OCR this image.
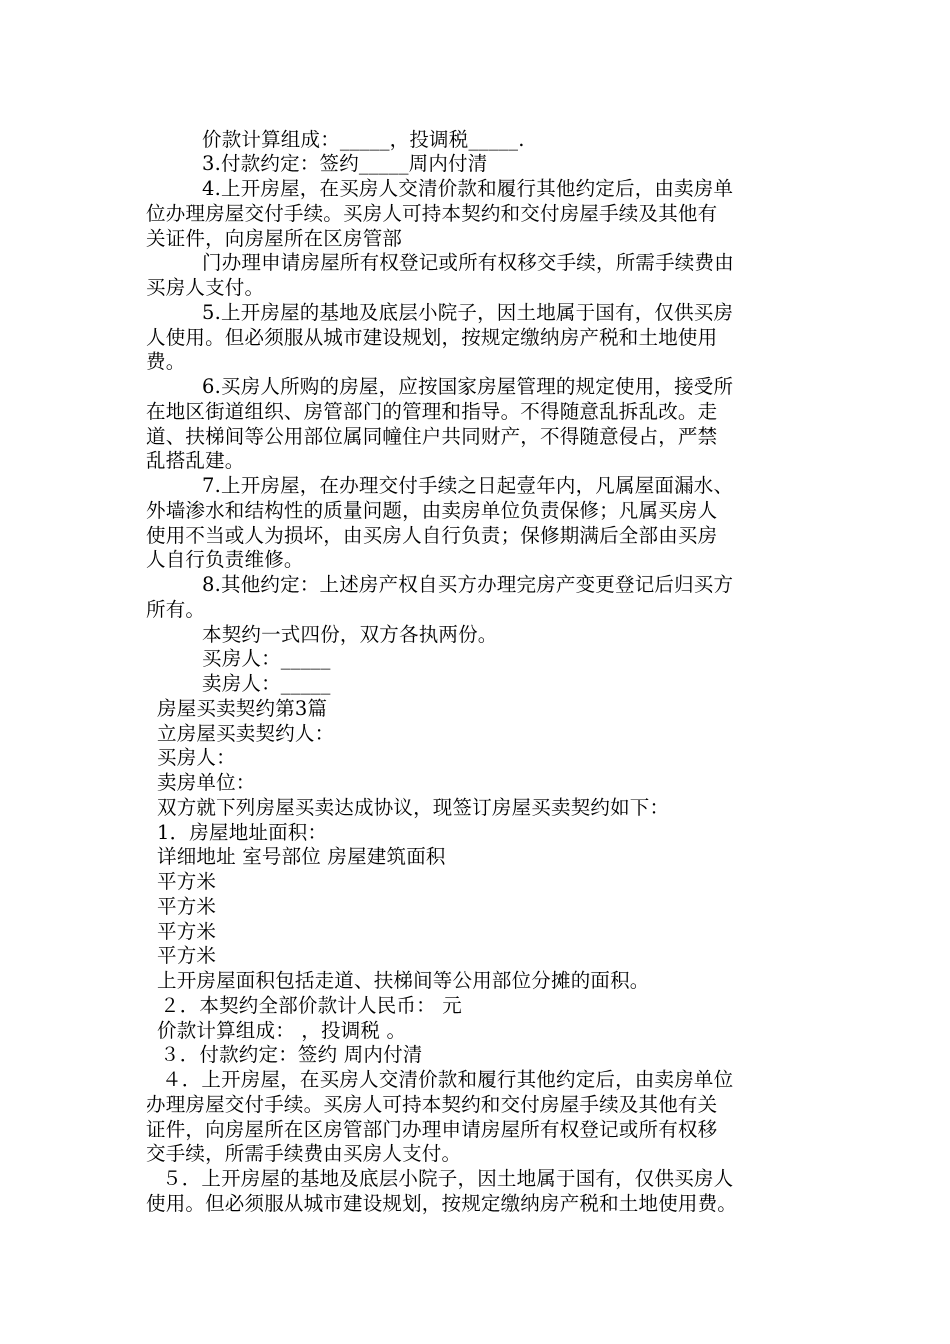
价款计算组成：_____，投调税_____.
3.付款约定：签约_____周内付清
4.上开房屋，在买房人交清价款和履行其他约定后，由卖房单
位办理房屋交付手续。买房人可持本契约和交付房屋手续及其他有
关证件，向房屋所在区房管部
门办理申请房屋所有权登记或所有权移交手续，所需手续费由
买房人支付。
5.上开房屋的基地及底层小院子，因土地属于国有，仅供买房
人使用。但必须服从城市建设规划，按规定缴纳房产税和土地使用
费。
6.买房人所购的房屋，应按国家房屋管理的规定使用，接受所
在地区街道组织、房管部门的管理和指导。不得随意乱拆乱改。走
道、扶梯间等公用部位属同幢住户共同财产，不得随意侵占，严禁
乱搭乱建。
7.上开房屋，在办理交付手续之日起壹年内，凡属屋面漏水、
外墙渗水和结构性的质量问题，由卖房单位负责保修；凡属买房人
使用不当或人为损坏，由买房人自行负责；保修期满后全部由买房
人自行负责维修。
8.其他约定：上述房产权自买方办理完房产变更登记后归买方
所有。
本契约一式四份，双方各执两份。
买房人：_____
卖房人：_____
房屋买卖契约第3篇
立房屋买卖契约人：
买房人：
卖房单位：
双方就下列房屋买卖达成协议，现签订房屋买卖契约如下：
1．房屋地址面积：
详细地址 室号部位 房屋建筑面积
平方米
平方米
平方米
平方米
上开房屋面积包括走道、扶梯间等公用部位分摊的面积。
２．本契约全部价款计人民币： 元
价款计算组成： ，投调税 。
３．付款约定：签约 周内付清
４．上开房屋，在买房人交清价款和履行其他约定后，由卖房单位
办理房屋交付手续。买房人可持本契约和交付房屋手续及其他有关
证件，向房屋所在区房管部门办理申请房屋所有权登记或所有权移
交手续，所需手续费由买房人支付。
５．上开房屋的基地及底层小院子，因土地属于国有，仅供买房人
使用。但必须服从城市建设规划，按规定缴纳房产税和土地使用费。
